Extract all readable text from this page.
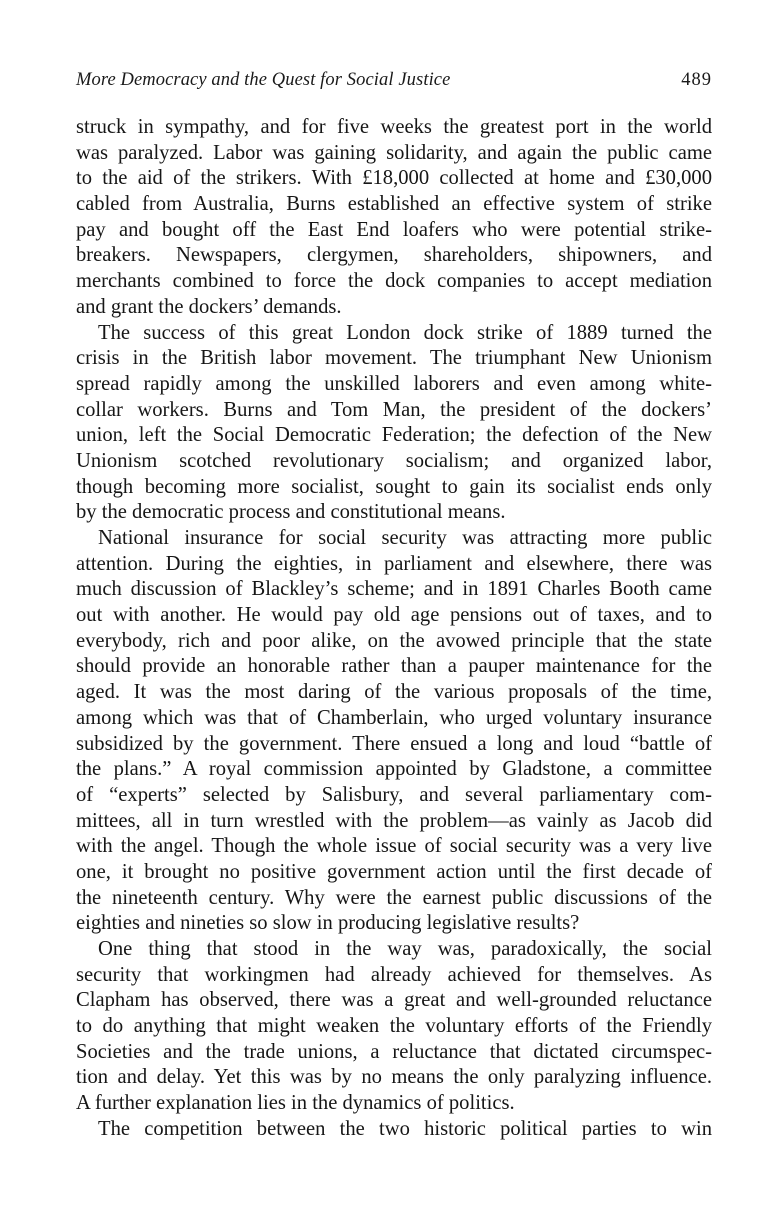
More Democracy and the Quest for Social Justice	489
struck in sympathy, and for five weeks the greatest port in the world
was paralyzed. Labor was gaining solidarity, and again the public came
to the aid of the strikers. With £18,000 collected at home and £30,000
cabled from Australia, Burns established an effective system of strike
pay and bought off the East End loafers who were potential strike-
breakers. Newspapers, clergymen, shareholders, shipowners, and
merchants combined to force the dock companies to accept mediation
and grant the dockers’ demands.
The success of this great London dock strike of 1889 turned the
crisis in the British labor movement. The triumphant New Unionism
spread rapidly among the unskilled laborers and even among white-
collar workers. Burns and Tom Man, the president of the dockers’
union, left the Social Democratic Federation; the defection of the New
Unionism scotched revolutionary socialism; and organized labor,
though becoming more socialist, sought to gain its socialist ends only
by the democratic process and constitutional means.
National insurance for social security was attracting more public
attention. During the eighties, in parliament and elsewhere, there was
much discussion of Blackley’s scheme; and in 1891 Charles Booth came
out with another. He would pay old age pensions out of taxes, and to
everybody, rich and poor alike, on the avowed principle that the state
should provide an honorable rather than a pauper maintenance for the
aged. It was the most daring of the various proposals of the time,
among which was that of Chamberlain, who urged voluntary insurance
subsidized by the government. There ensued a long and loud “battle of
the plans.” A royal commission appointed by Gladstone, a committee
of “experts” selected by Salisbury, and several parliamentary com-
mittees, all in turn wrestled with the problem—as vainly as Jacob did
with the angel. Though the whole issue of social security was a very live
one, it brought no positive government action until the first decade of
the nineteenth century. Why were the earnest public discussions of the
eighties and nineties so slow in producing legislative results?
One thing that stood in the way was, paradoxically, the social
security that workingmen had already achieved for themselves. As
Clapham has observed, there was a great and well-grounded reluctance
to do anything that might weaken the voluntary efforts of the Friendly
Societies and the trade unions, a reluctance that dictated circumspec-
tion and delay. Yet this was by no means the only paralyzing influence.
A further explanation lies in the dynamics of politics.
The competition between the two historic political parties to win
